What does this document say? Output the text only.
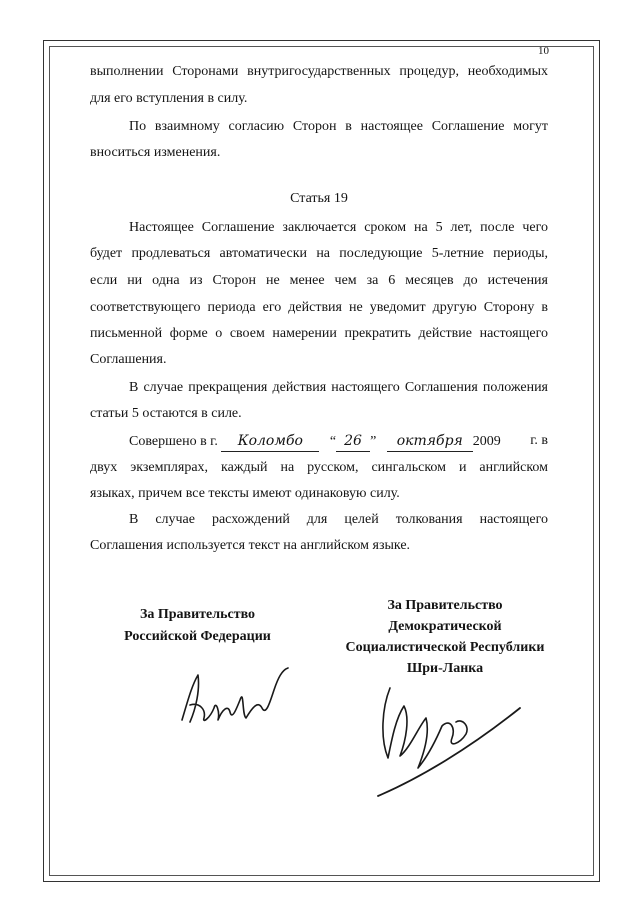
10
выполнении Сторонами внутригосударственных процедур, необходимых
для его вступления в силу.
По взаимному согласию Сторон в настоящее Соглашение могут
вноситься изменения.
Статья 19
Настоящее Соглашение заключается сроком на 5 лет, после чего
будет продлеваться автоматически на последующие 5-летние периоды,
если ни одна из Сторон не менее чем за 6 месяцев до истечения
соответствующего периода его действия не уведомит другую Сторону в
письменной форме о своем намерении прекратить действие настоящего
Соглашения.
В случае прекращения действия настоящего Соглашения положения
статьи 5 остаются в силе.
Совершено в г. Коломбо   “ 26 ”   октября 2009 г. в
двух экземплярах, каждый на русском, сингальском и английском
языках, причем все тексты имеют одинаковую силу.
В случае расхождений для целей толкования настоящего
Соглашения используется текст на английском языке.
За Правительство
Российской Федерации
За Правительство
Демократической
Социалистической Республики
Шри-Ланка
